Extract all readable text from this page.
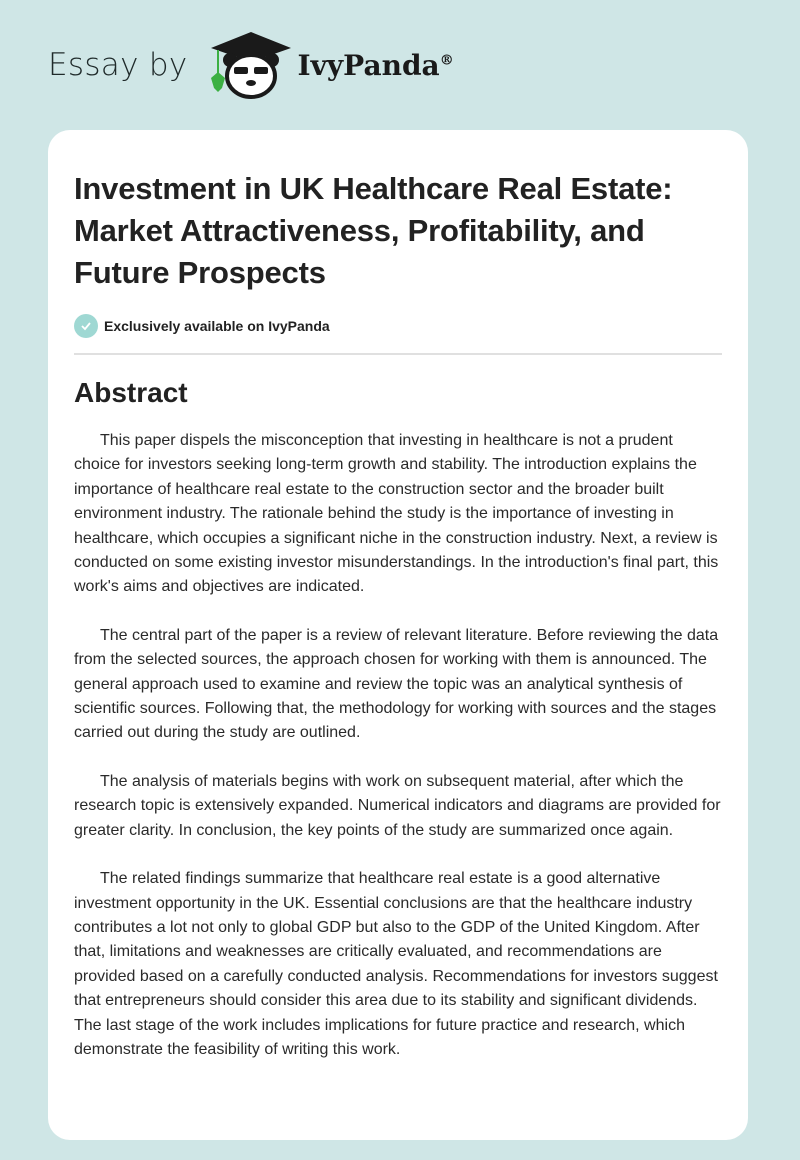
Essay by	IvyPanda®
Investment in UK Healthcare Real Estate: Market Attractiveness, Profitability, and Future Prospects
Exclusively available on IvyPanda
Abstract

This paper dispels the misconception that investing in healthcare is not a prudent choice for investors seeking long-term growth and stability. The introduction explains the importance of healthcare real estate to the construction sector and the broader built environment industry. The rationale behind the study is the importance of investing in healthcare, which occupies a significant niche in the construction industry. Next, a review is conducted on some existing investor misunderstandings. In the introduction's final part, this work's aims and objectives are indicated.

The central part of the paper is a review of relevant literature. Before reviewing the data from the selected sources, the approach chosen for working with them is announced. The general approach used to examine and review the topic was an analytical synthesis of scientific sources. Following that, the methodology for working with sources and the stages carried out during the study are outlined.

The analysis of materials begins with work on subsequent material, after which the research topic is extensively expanded. Numerical indicators and diagrams are provided for greater clarity. In conclusion, the key points of the study are summarized once again.

The related findings summarize that healthcare real estate is a good alternative investment opportunity in the UK. Essential conclusions are that the healthcare industry contributes a lot not only to global GDP but also to the GDP of the United Kingdom. After that, limitations and weaknesses are critically evaluated, and recommendations are provided based on a carefully conducted analysis. Recommendations for investors suggest that entrepreneurs should consider this area due to its stability and significant dividends. The last stage of the work includes implications for future practice and research, which demonstrate the feasibility of writing this work.
